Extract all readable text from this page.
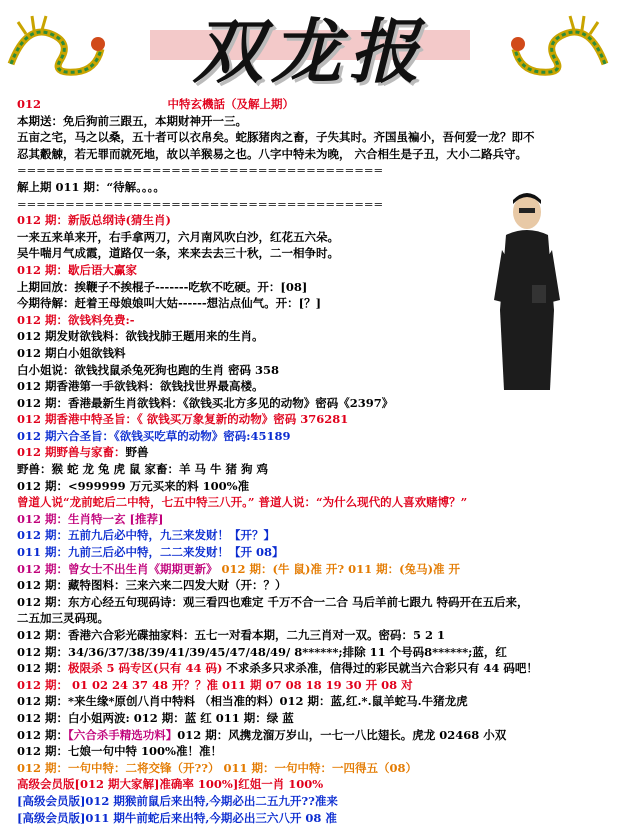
双龙报
012　　　　　　　　　　　	中特玄機話（及解上期）
本期送：免后狗前三跟五，本期财神开一三。
五亩之宅，马之以桑，五十者可以衣帛矣。蛇豚猪肉之畜，子失其时。齐国虽褊小，吾何爱一龙？即不
忍其觳觫，若无罪而就死地，故以羊猴易之也。八字中特未为晚， 六合相生是子丑，大小二路兵守。
======================================
解上期 011 期：“待解。。。。
======================================
012 期：新版总纲诗(猜生肖)
一来五来单来开，右手拿两刀，六月南风吹白沙，红花五六朵。
吴牛喘月气成霞，道路仅一条，来来去去三十秋，二一相争时。
012 期：歇后语大赢家
上期回放：挨鞭子不挨棍子-------吃软不吃硬。开：[08]
今期待解：赶着王母娘娘叫大姑------想沾点仙气。开：[？]
012 期：欲钱料免费:-
012 期发财欲钱料：欲钱找肺王题用来的生肖。
012 期白小姐欲钱料
白小姐说：欲钱找鼠杀兔死狗也跑的生肖 密码 358
012 期香港第一手欲钱料：欲钱找世界最高楼。
012 期：香港最新生肖欲钱料：《欲钱买北方多见的动物》密码《2397》
012 期香港中特圣旨：《 欲钱买万象复新的动物》密码 376281
012 期六合圣旨：《欲钱买吃草的动物》密码:45189
012 期野兽与家畜：野兽
野兽：猴 蛇 龙 兔 虎 鼠 家畜：羊 马 牛 猪 狗 鸡
012 期：<999999 万元买来的料 100%准
曾道人说“龙前蛇后二中特，七五中特三八开。” 普道人说：“为什么现代的人喜欢赌博？”
012 期：生肖特一玄 [推荐]
012 期：五前九后必中特，九三来发财！【开？】
011 期：九前三后必中特，二二来发财！【开 08】
012 期：曾女士不出生肖《期期更新》 012 期：(牛 鼠)准 开? 011 期：(兔马)准 开
012 期：藏特图料：三来六来二四发大财（开：？）
012 期：东方心经五句现码诗：观三看四也难定 千万不合一二合 马后羊前七跟九 特码开在五后来，
二五加三灵码现。
012 期：香港六合彩光碟抽家料：五七一对看本期，二九三肖对一双。密码：5 2 1
012 期：34/36/37/38/39/41/39/45/47/48/49/ 8******;排除 11 个号码8******;蓝，红
012 期：极限杀 5 码专区(只有 44 码) 不求杀多只求杀准，信得过的彩民就当六合彩只有 44 码吧！
012 期： 01 02 24 37 48 开？？准 011 期 07 08 18 19 30 开 08 对
012 期：*来生缘*原创八肖中特料 （相当准的料）012 期：蓝,红.*.鼠羊蛇马.牛猪龙虎
012 期：白小姐两波: 012 期：蓝 红 011 期：绿 蓝
012 期：【六合杀手精选功料】012 期：风携龙溜万岁山，一七一八比翅长。虎龙 02468 小双
012 期：七娘一句中特 100%准！准！
012 期：一句中特：二将交锋（开??） 011 期：一句中特：一四得五（08）
高级会员版[012 期大家解]准确率 100%]红姐一肖 100%
[高级会员版]012 期猴前鼠后来出特,今期必出二五九开??准来
[高级会员版]011 期牛前蛇后来出特,今期必出三六八开 08 准
